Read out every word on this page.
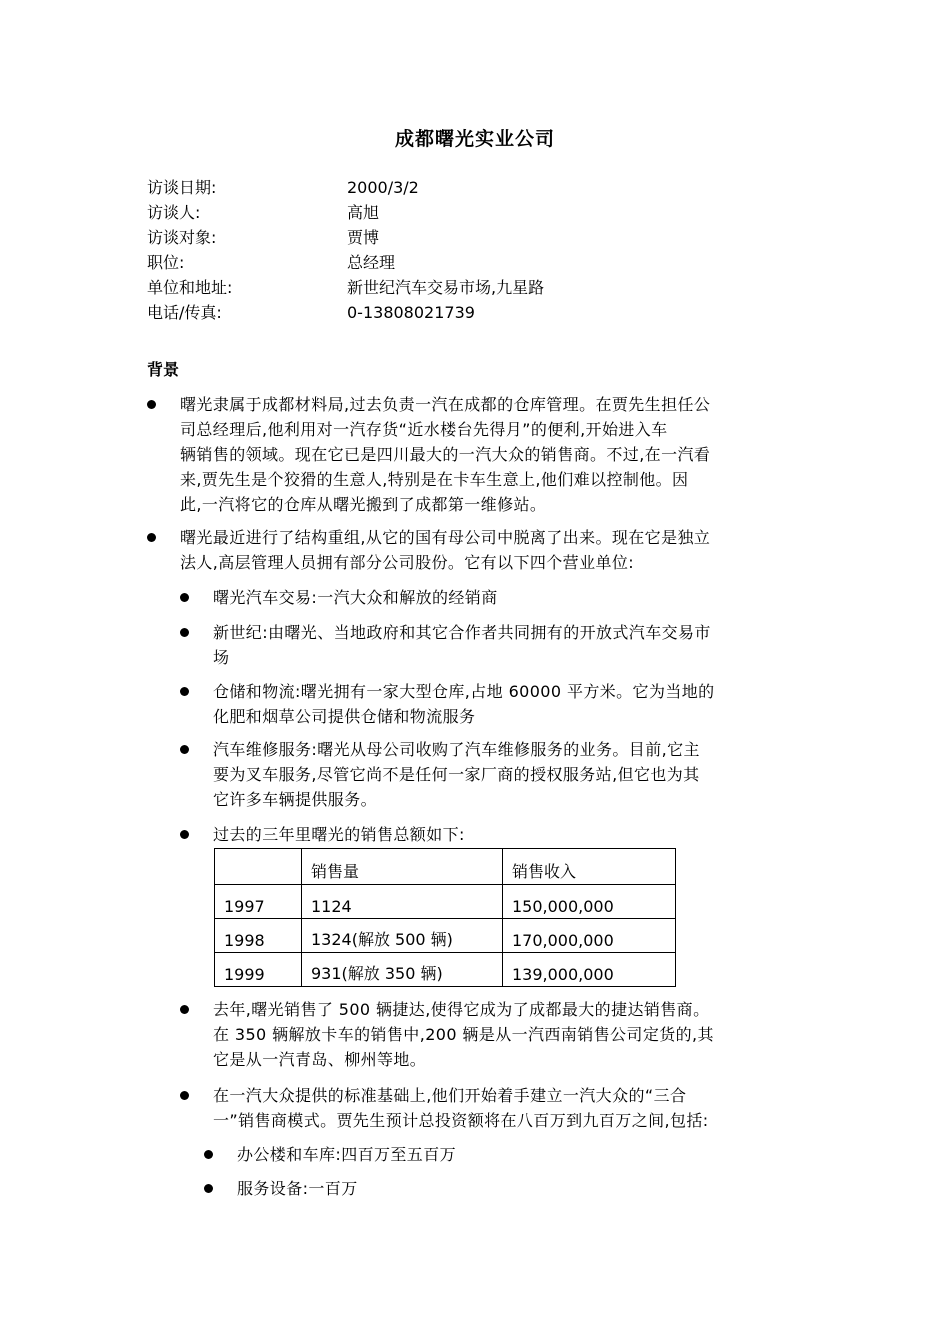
成都曙光实业公司
访谈日期:	2000/3/2
访谈人:	高旭
访谈对象:	贾博
职位:	总经理
单位和地址:	新世纪汽车交易市场,九星路
电话/传真:	0-13808021739
背景
曙光隶属于成都材料局,过去负责一汽在成都的仓库管理。在贾先生担任公
司总经理后,他利用对一汽存货“近水楼台先得月”的便利,开始进入车
辆销售的领域。现在它已是四川最大的一汽大众的销售商。不过,在一汽看
来,贾先生是个狡猾的生意人,特别是在卡车生意上,他们难以控制他。因
此,一汽将它的仓库从曙光搬到了成都第一维修站。
曙光最近进行了结构重组,从它的国有母公司中脱离了出来。现在它是独立
法人,高层管理人员拥有部分公司股份。它有以下四个营业单位:
曙光汽车交易:一汽大众和解放的经销商
新世纪:由曙光、当地政府和其它合作者共同拥有的开放式汽车交易市
场
仓储和物流:曙光拥有一家大型仓库,占地 60000 平方米。它为当地的
化肥和烟草公司提供仓储和物流服务
汽车维修服务:曙光从母公司收购了汽车维修服务的业务。目前,它主
要为叉车服务,尽管它尚不是任何一家厂商的授权服务站,但它也为其
它许多车辆提供服务。
过去的三年里曙光的销售总额如下:
	销售量	销售收入
1997	1124	150,000,000
1998	1324(解放 500 辆)	170,000,000
1999	931(解放 350 辆)	139,000,000
去年,曙光销售了 500 辆捷达,使得它成为了成都最大的捷达销售商。
在 350 辆解放卡车的销售中,200 辆是从一汽西南销售公司定货的,其
它是从一汽青岛、柳州等地。
在一汽大众提供的标准基础上,他们开始着手建立一汽大众的“三合
一”销售商模式。贾先生预计总投资额将在八百万到九百万之间,包括:
办公楼和车库:四百万至五百万
服务设备:一百万
